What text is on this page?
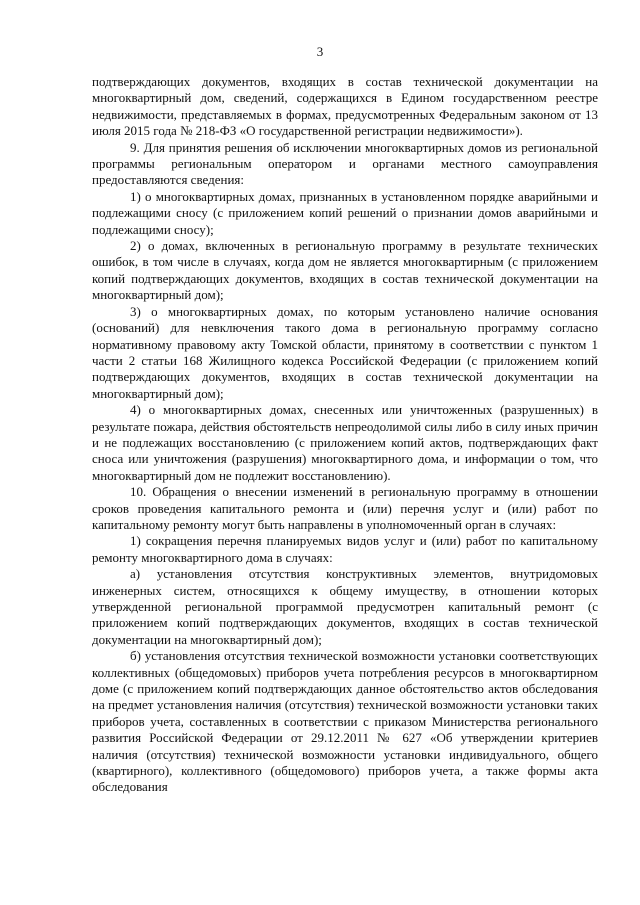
3

подтверждающих документов, входящих в состав технической документации на многоквартирный дом, сведений, содержащихся в Едином государственном реестре недвижимости, представляемых в формах, предусмотренных Федеральным законом от 13 июля 2015 года № 218-ФЗ «О государственной регистрации недвижимости»).

9. Для принятия решения об исключении многоквартирных домов из региональной программы региональным оператором и органами местного самоуправления предоставляются сведения:

1) о многоквартирных домах, признанных в установленном порядке аварийными и подлежащими сносу (с приложением копий решений о признании домов аварийными и подлежащими сносу);

2) о домах, включенных в региональную программу в результате технических ошибок, в том числе в случаях, когда дом не является многоквартирным (с приложением копий подтверждающих документов, входящих в состав технической документации на многоквартирный дом);

3) о многоквартирных домах, по которым установлено наличие основания (оснований) для невключения такого дома в региональную программу согласно нормативному правовому акту Томской области, принятому в соответствии с пунктом 1 части 2 статьи 168 Жилищного кодекса Российской Федерации (с приложением копий подтверждающих документов, входящих в состав технической документации на многоквартирный дом);

4) о многоквартирных домах, снесенных или уничтоженных (разрушенных) в результате пожара, действия обстоятельств непреодолимой силы либо в силу иных причин и не подлежащих восстановлению (с приложением копий актов, подтверждающих факт сноса или уничтожения (разрушения) многоквартирного дома, и информации о том, что многоквартирный дом не подлежит восстановлению).

10. Обращения о внесении изменений в региональную программу в отношении сроков проведения капитального ремонта и (или) перечня услуг и (или) работ по капитальному ремонту могут быть направлены в уполномоченный орган в случаях:

1) сокращения перечня планируемых видов услуг и (или) работ по капитальному ремонту многоквартирного дома в случаях:

а) установления отсутствия конструктивных элементов, внутридомовых инженерных систем, относящихся к общему имуществу, в отношении которых утвержденной региональной программой предусмотрен капитальный ремонт (с приложением копий подтверждающих документов, входящих в состав технической документации на многоквартирный дом);

б) установления отсутствия технической возможности установки соответствующих коллективных (общедомовых) приборов учета потребления ресурсов в многоквартирном доме (с приложением копий подтверждающих данное обстоятельство актов обследования на предмет установления наличия (отсутствия) технической возможности установки таких приборов учета, составленных в соответствии с приказом Министерства регионального развития Российской Федерации от 29.12.2011 № 627 «Об утверждении критериев наличия (отсутствия) технической возможности установки индивидуального, общего (квартирного), коллективного (общедомового) приборов учета, а также формы акта обследования
